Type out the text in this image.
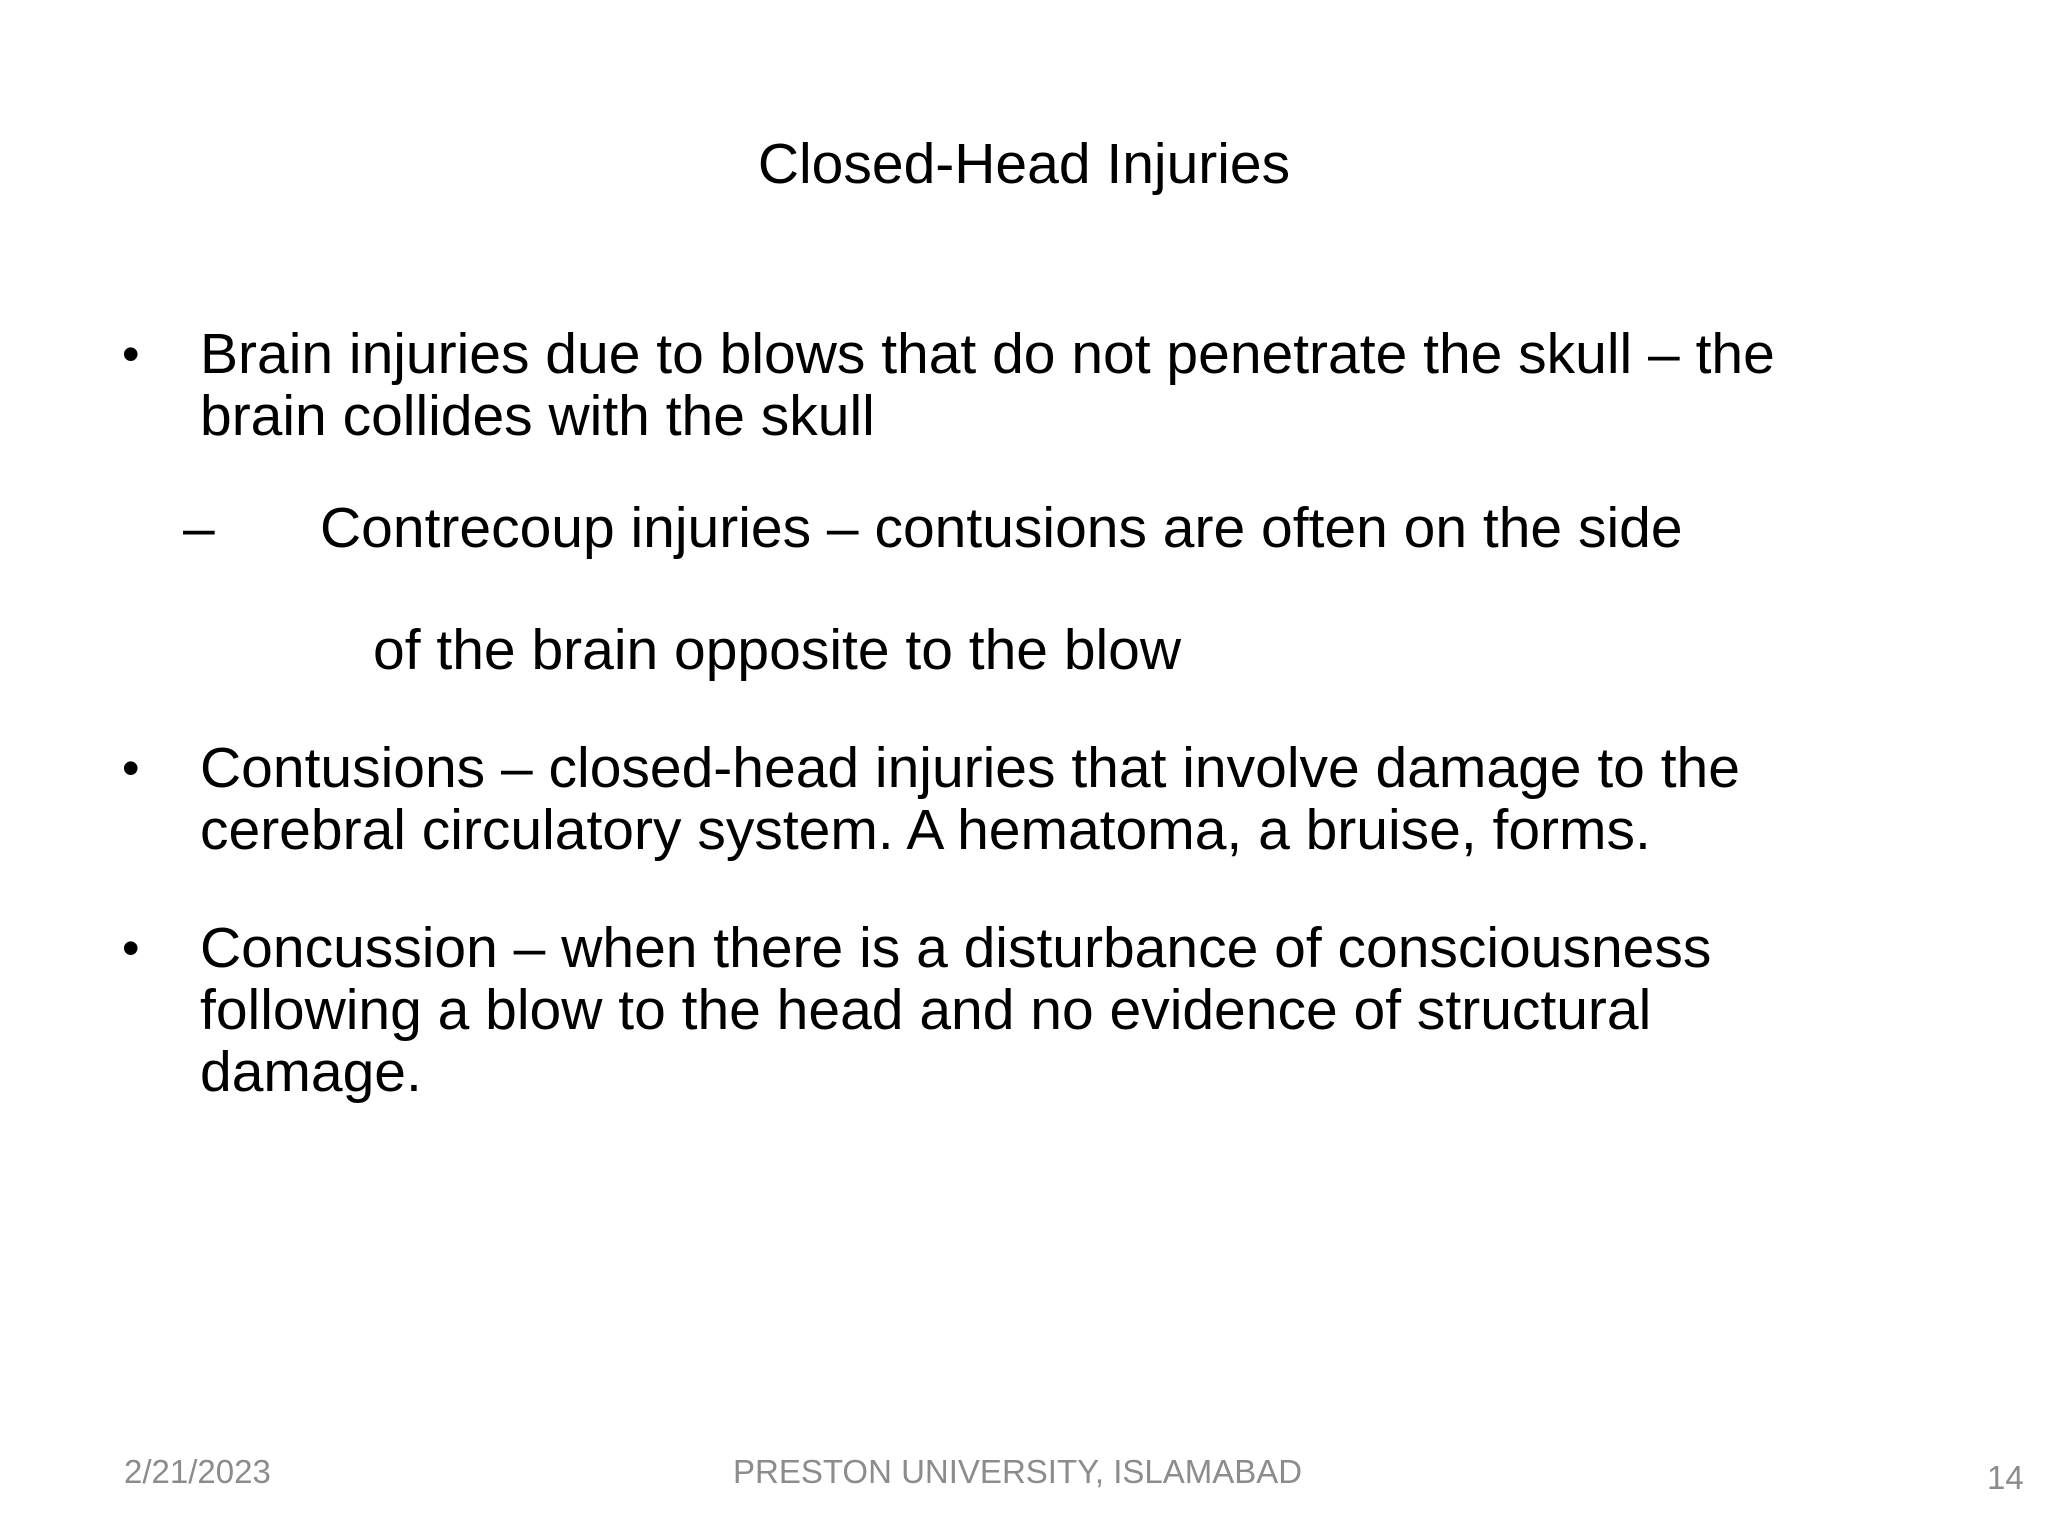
Closed-Head Injuries
• Brain injuries due to blows that do not penetrate the skull – the
brain collides with the skull
– Contrecoup injuries – contusions are often on the side
of the brain opposite to the blow
• Contusions – closed-head injuries that involve damage to the
cerebral circulatory system. A hematoma, a bruise, forms.
• Concussion – when there is a disturbance of consciousness
following a blow to the head and no evidence of structural
damage.
2/21/2023	PRESTON UNIVERSITY, ISLAMABAD	14
